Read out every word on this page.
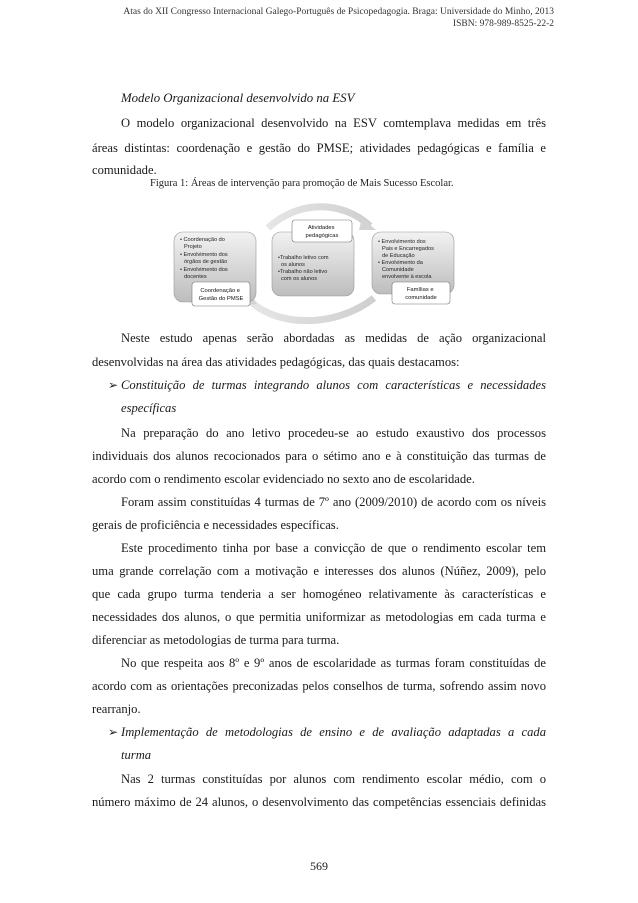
Atas do XII Congresso Internacional Galego-Português de Psicopedagogia. Braga: Universidade do Minho, 2013
ISBN: 978-989-8525-22-2
Modelo Organizacional desenvolvido na ESV
O modelo organizacional desenvolvido na ESV comtemplava medidas em três
áreas distintas: coordenação e gestão do PMSE; atividades pedagógicas e família e
comunidade.
Figura 1: Áreas de intervenção para promoção de Mais Sucesso Escolar.
• Coordenação do Projeto • Envolvimento dos órgãos de gestão • Envolvimento dos docentes
Coordenação e Gestão do PMSE
Atividades pedagógicas
•Trabalho letivo com os alunos •Trabalho não letivo com os alunos
• Envolvimento dos Pais e Encarregados de Educação • Envolvimento da Comunidade envolvente à escola
Famílias e comunidade
Neste estudo apenas serão abordadas as medidas de ação organizacional
desenvolvidas na área das atividades pedagógicas, das quais destacamos:
➢ Constituição de turmas integrando alunos com características e necessidades
específicas
Na preparação do ano letivo procedeu-se ao estudo exaustivo dos processos
individuais dos alunos recocionados para o sétimo ano e à constituição das turmas de
acordo com o rendimento escolar evidenciado no sexto ano de escolaridade.
Foram assim constituídas 4 turmas de 7º ano (2009/2010) de acordo com os níveis
gerais de proficiência e necessidades específicas.
Este procedimento tinha por base a convicção de que o rendimento escolar tem
uma grande correlação com a motivação e interesses dos alunos (Núñez, 2009), pelo
que cada grupo turma tenderia a ser homogéneo relativamente às características e
necessidades dos alunos, o que permitia uniformizar as metodologias em cada turma e
diferenciar as metodologias de turma para turma.
No que respeita aos 8º e 9º anos de escolaridade as turmas foram constituídas de
acordo com as orientações preconizadas pelos conselhos de turma, sofrendo assim novo
rearranjo.
➢ Implementação de metodologias de ensino e de avaliação adaptadas a cada
turma
Nas 2 turmas constituídas por alunos com rendimento escolar médio, com o
número máximo de 24 alunos, o desenvolvimento das competências essenciais definidas
569
